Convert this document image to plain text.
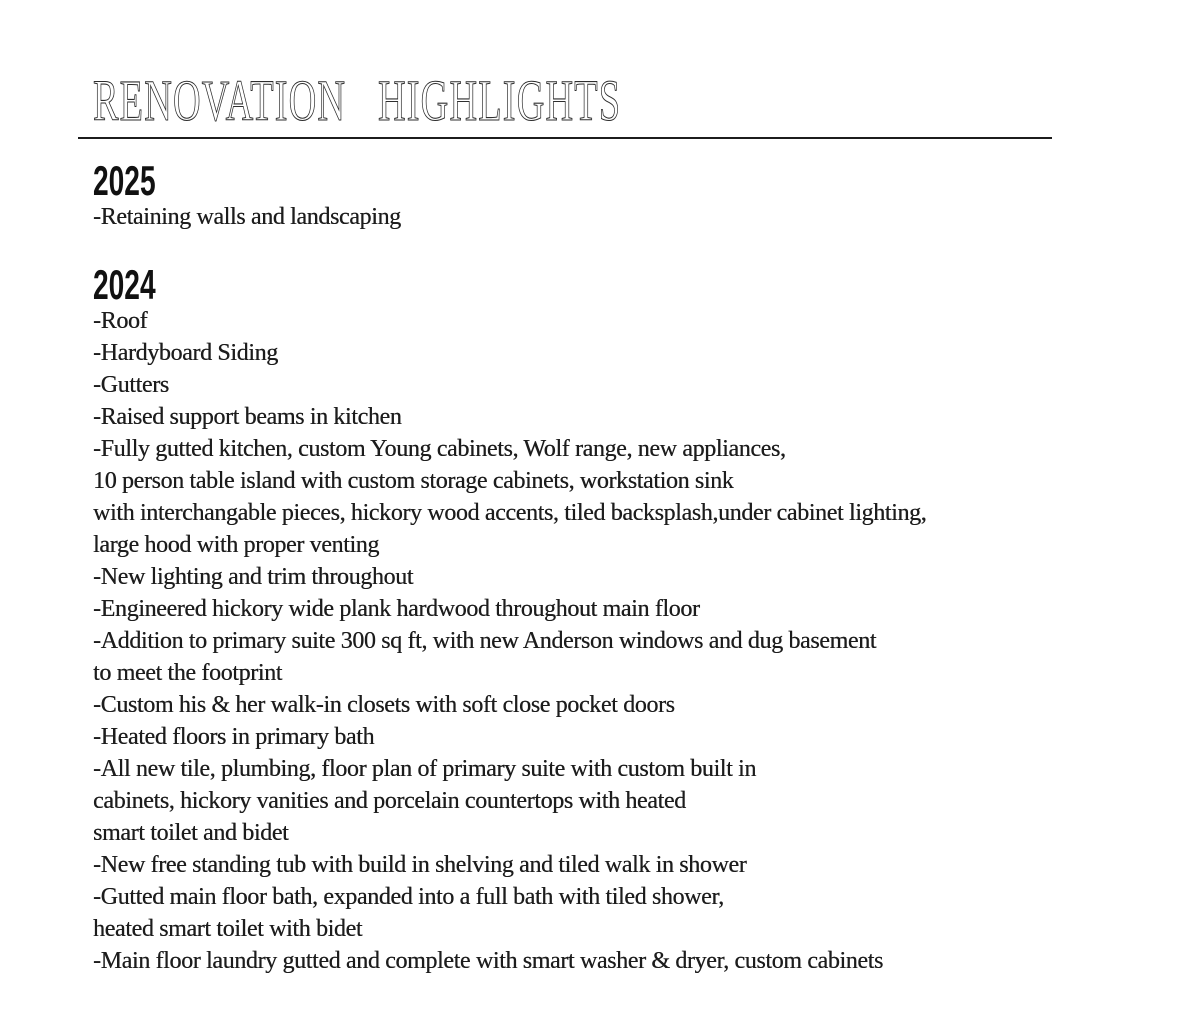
RENOVATION HIGHLIGHTS
2025
-Retaining walls and landscaping
2024
-Roof
-Hardyboard Siding
-Gutters
-Raised support beams in kitchen
-Fully gutted kitchen, custom Young cabinets, Wolf range, new appliances,
10 person table island with custom storage cabinets, workstation sink
with interchangable pieces, hickory wood accents, tiled backsplash,under cabinet lighting,
large hood with proper venting
-New lighting and trim throughout
-Engineered hickory wide plank hardwood throughout main floor
-Addition to primary suite 300 sq ft, with new Anderson windows and dug basement
to meet the footprint
-Custom his & her walk-in closets with soft close pocket doors
-Heated floors in primary bath
-All new tile, plumbing, floor plan of primary suite with custom built in
cabinets, hickory vanities and porcelain countertops with heated
smart toilet and bidet
-New free standing tub with build in shelving and tiled walk in shower
-Gutted main floor bath, expanded into a full bath with tiled shower,
heated smart toilet with bidet
-Main floor laundry gutted and complete with smart washer & dryer, custom cabinets
